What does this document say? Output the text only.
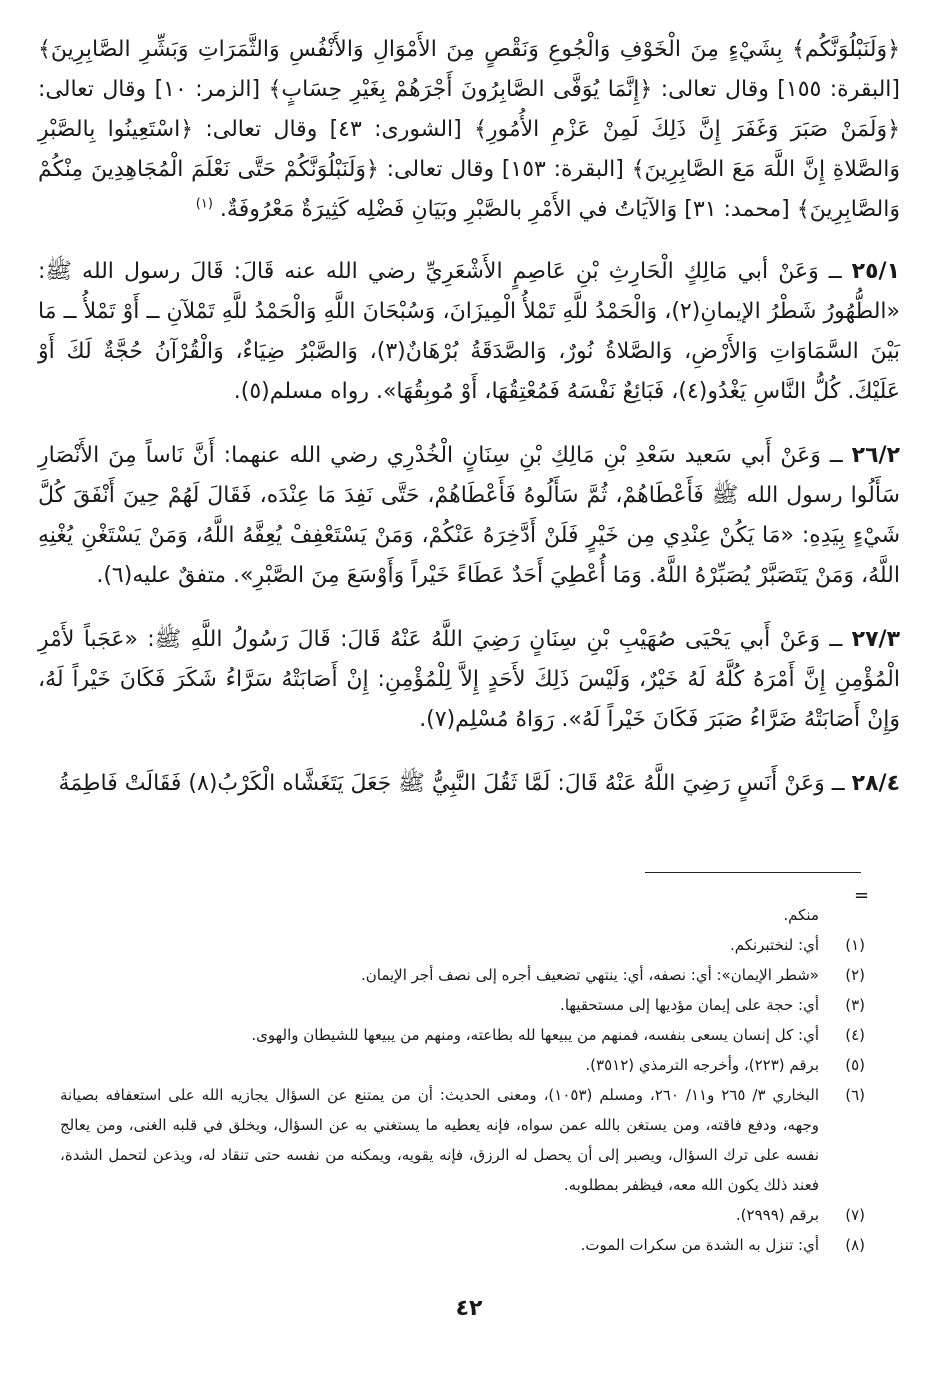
﴿وَلَنَبْلُوَنَّكُم﴾ بِشَيْءٍ مِنَ الْخَوْفِ وَالْجُوعِ وَنَقْصٍ مِنَ الأَمْوَالِ وَالأَنْفُسِ وَالثَّمَرَاتِ وَبَشِّرِ الصَّابِرِينَ﴾ [البقرة: ١٥٥] وقال تعالى: ﴿إِنَّمَا يُوَفَّى الصَّابِرُونَ أَجْرَهُمْ بِغَيْرِ حِسَابٍ﴾ [الزمر: ١٠] وقال تعالى: ﴿وَلَمَنْ صَبَرَ وَغَفَرَ إِنَّ ذَلِكَ لَمِنْ عَزْمِ الأُمُورِ﴾ [الشورى: ٤٣] وقال تعالى: ﴿اسْتَعِينُوا بِالصَّبْرِ وَالصَّلاةِ إِنَّ اللَّهَ مَعَ الصَّابِرِينَ﴾ [البقرة: ١٥٣] وقال تعالى: ﴿وَلَنَبْلُوَنَّكُمْ حَتَّى نَعْلَمَ الْمُجَاهِدِينَ مِنْكُمْ وَالصَّابِرِينَ﴾ [محمد: ٣١] وَالآيَاتُ في الأَمْرِ بالصَّبْرِ وبَيَانِ فَضْلِه كَثِيرَةٌ مَعْرُوفَةٌ. $^{(١)}$

٢٥/١ ــ وَعَنْ أبي مَالِكٍ الْحَارِثِ بْنِ عَاصِمٍ الأَشْعَرِيِّ رضي الله عنه قَالَ: قَالَ رسول الله ﷺ: «الطُّهُورُ شَطْرُ الإيمانِ(٢)، وَالْحَمْدُ للَّهِ تَمْلأُ الْمِيزَانَ، وَسُبْحَانَ اللَّهِ وَالْحَمْدُ للَّهِ تَمْلآنِ ــ أَوْ تَمْلأُ ــ مَا بَيْنَ السَّمَاوَاتِ وَالأَرْضِ، وَالصَّلاةُ نُورٌ، وَالصَّدَقَةُ بُرْهَانٌ(٣)، وَالصَّبْرُ ضِيَاءٌ، وَالْقُرْآنُ حُجَّةٌ لَكَ أَوْ عَلَيْكَ. كُلُّ النَّاسِ يَغْدُو(٤)، فَبَائِعٌ نَفْسَهُ فَمُعْتِقُهَا، أَوْ مُوبِقُهَا». رواه مسلم(٥).

٢٦/٢ ــ وَعَنْ أَبي سَعيد سَعْدِ بْنِ مَالِكِ بْنِ سِنَانٍ الْخُدْرِي رضي الله عنهما: أَنَّ نَاساً مِنَ الأَنْصَارِ سَأَلُوا رسول الله ﷺ فَأَعْطَاهُمْ، ثُمَّ سَأَلُوهُ فَأَعْطَاهُمْ، حَتَّى نَفِدَ مَا عِنْدَه، فَقَالَ لَهُمْ حِينَ أَنْفَقَ كُلَّ شَيْءٍ بِيَدِهِ: «مَا يَكُنْ عِنْدِي مِن خَيْرٍ فَلَنْ أَدَّخِرَهُ عَنْكُمْ، وَمَنْ يَسْتَعْفِفْ يُعِفَّهُ اللَّهُ، وَمَنْ يَسْتَغْنِ يُغْنِهِ اللَّهُ، وَمَنْ يَتَصَبَّرْ يُصَبِّرْهُ اللَّهُ. وَمَا أُعْطِيَ أَحَدٌ عَطَاءً خَيْراً وَأَوْسَعَ مِنَ الصَّبْرِ». متفقٌ عليه(٦).

٢٧/٣ ــ وَعَنْ أَبي يَحْيَى صُهَيْبِ بْنِ سِنَانٍ رَضِيَ اللَّهُ عَنْهُ قَالَ: قَالَ رَسُولُ اللَّهِ ﷺ: «عَجَباً لأَمْرِ الْمُؤْمِنِ إِنَّ أَمْرَهُ كُلَّهُ لَهُ خَيْرٌ، وَلَيْسَ ذَلِكَ لأَحَدٍ إِلاَّ لِلْمُؤْمِنِ: إِنْ أَصَابَتْهُ سَرَّاءُ شَكَرَ فَكَانَ خَيْراً لَهُ، وَإِنْ أَصَابَتْهُ ضَرَّاءُ صَبَرَ فَكَانَ خَيْراً لَهُ». رَوَاهُ مُسْلِم(٧).

٢٨/٤ ــ وَعَنْ أَنَسٍ رَضِيَ اللَّهُ عَنْهُ قَالَ: لَمَّا ثَقُلَ النَّبِيُّ ﷺ جَعَلَ يَتَغَشَّاه الْكَرْبُ(٨) فَقَالَتْ فَاطِمَةُ

=
منكم.
(١)
أي: لنختبرنكم.
(٢)
«شطر الإيمان»: أي: نصفه، أي: ينتهي تضعيف أجره إلى نصف أجر الإيمان.
(٣)
أي: حجة على إيمان مؤديها إلى مستحقيها.
(٤)
أي: كل إنسان يسعى بنفسه، فمنهم من يبيعها لله بطاعته، ومنهم من يبيعها للشيطان والهوى.
(٥)
برقم (٢٢٣)، وأخرجه الترمذي (٣٥١٢).
(٦)
البخاري ٣/ ٢٦٥ و١١/ ٢٦٠، ومسلم (١٠٥٣)، ومعنى الحديث: أن من يمتنع عن السؤال يجازيه الله على استعفافه بصيانة وجهه، ودفع فاقته، ومن يستغن بالله عمن سواه، فإنه يعطيه ما يستغني به عن السؤال، ويخلق في قلبه الغنى، ومن يعالج نفسه على ترك السؤال، ويصبر إلى أن يحصل له الرزق، فإنه يقويه، ويمكنه من نفسه حتى تنقاد له، ويذعن لتحمل الشدة، فعند ذلك يكون الله معه، فيظفر بمطلوبه.
(٧)
برقم (٢٩٩٩).
(٨)
أي: تنزل به الشدة من سكرات الموت.
٤٢
